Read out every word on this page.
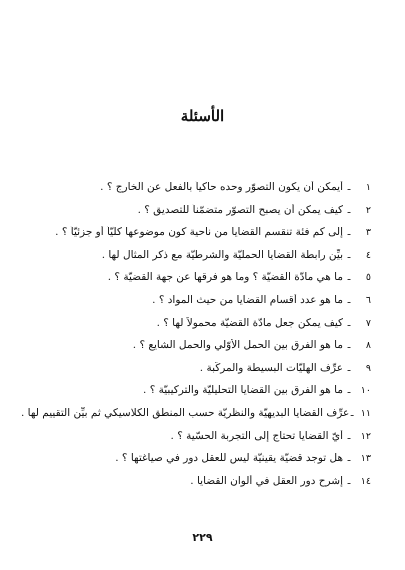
الأسئلة
١
ـ
أيمكن أن يكون التصوّر وحده حاكياً بالفعل عن الخارج ؟ .
٢
ـ
كيف يمكن أن يصبح التصوّر متضمّناً للتصديق ؟ .
٣
ـ
إلى كم فئة تنقسم القضايا من ناحية كون موضوعها كليّاً أو جزئيّاً ؟ .
٤
ـ
بيِّن رابطة القضايا الحمليّة والشرطيّة مع ذكر المثال لها .
٥
ـ
ما هي مادّة القضيّة ؟ وما هو فرقها عن جهة القضيّة ؟ .
٦
ـ
ما هو عدد أقسام القضايا من حيث المواد ؟ .
٧
ـ
كيف يمكن جعل مادّة القضيّة محمولاً لها ؟ .
٨
ـ
ما هو الفرق بين الحمل الأوّلي والحمل الشايع ؟ .
٩
ـ
عرِّف الهليّات البسيطة والمركّبة .
١٠
ـ
ما هو الفرق بين القضايا التحليليّة والتركيبيّة ؟ .
١١
ـ
عرِّف القضايا البديهيّة والنظريّة حسب المنطق الكلاسيكي ثم بيِّن التقييم لها .
١٢
ـ
أيّ القضايا تحتاج إلى التجربة الحسّية ؟ .
١٣
ـ
هل توجد قضيّة يقينيّة ليس للعقل دور في صياغتها ؟ .
١٤
ـ
إشرح دور العقل في ألوان القضايا .
٢٢٩
